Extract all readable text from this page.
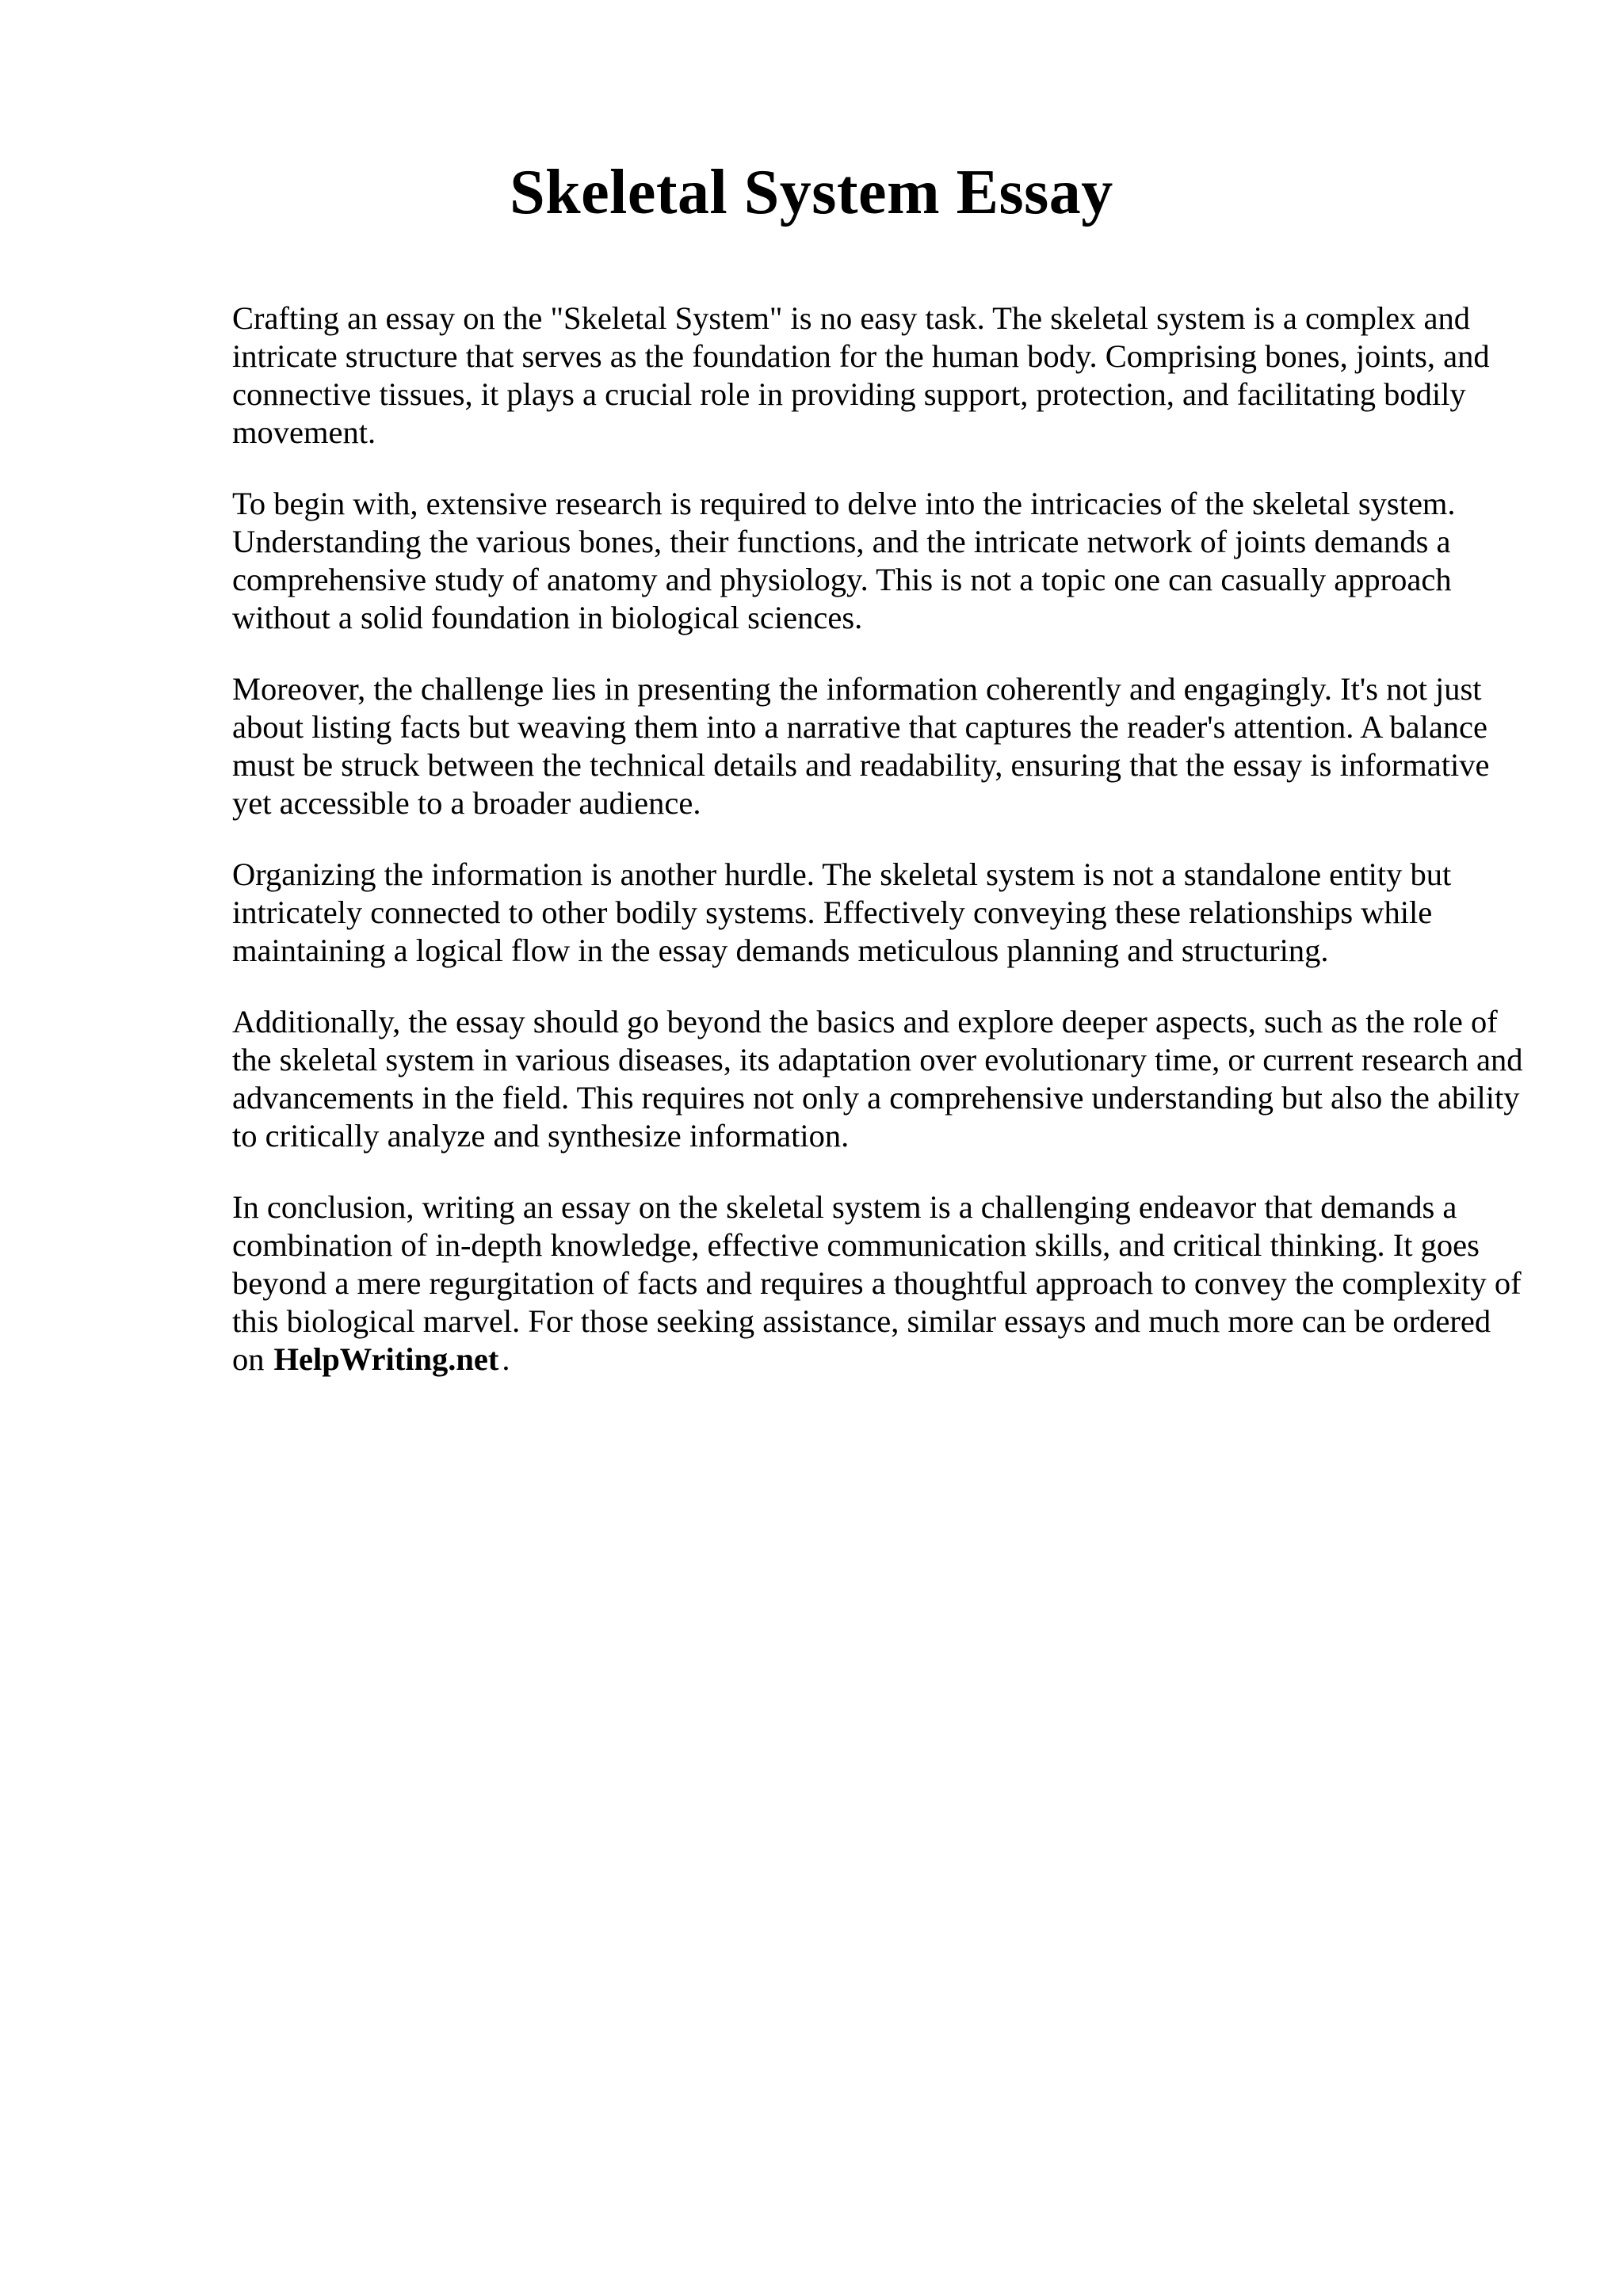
Skeletal System Essay

Crafting an essay on the "Skeletal System" is no easy task. The skeletal system is a complex and intricate structure that serves as the foundation for the human body. Comprising bones, joints, and connective tissues, it plays a crucial role in providing support, protection, and facilitating bodily movement.

To begin with, extensive research is required to delve into the intricacies of the skeletal system. Understanding the various bones, their functions, and the intricate network of joints demands a comprehensive study of anatomy and physiology. This is not a topic one can casually approach without a solid foundation in biological sciences.

Moreover, the challenge lies in presenting the information coherently and engagingly. It's not just about listing facts but weaving them into a narrative that captures the reader's attention. A balance must be struck between the technical details and readability, ensuring that the essay is informative yet accessible to a broader audience.

Organizing the information is another hurdle. The skeletal system is not a standalone entity but intricately connected to other bodily systems. Effectively conveying these relationships while maintaining a logical flow in the essay demands meticulous planning and structuring.

Additionally, the essay should go beyond the basics and explore deeper aspects, such as the role of the skeletal system in various diseases, its adaptation over evolutionary time, or current research and advancements in the field. This requires not only a comprehensive understanding but also the ability to critically analyze and synthesize information.

In conclusion, writing an essay on the skeletal system is a challenging endeavor that demands a combination of in-depth knowledge, effective communication skills, and critical thinking. It goes beyond a mere regurgitation of facts and requires a thoughtful approach to convey the complexity of this biological marvel. For those seeking assistance, similar essays and much more can be ordered on HelpWriting.net.
